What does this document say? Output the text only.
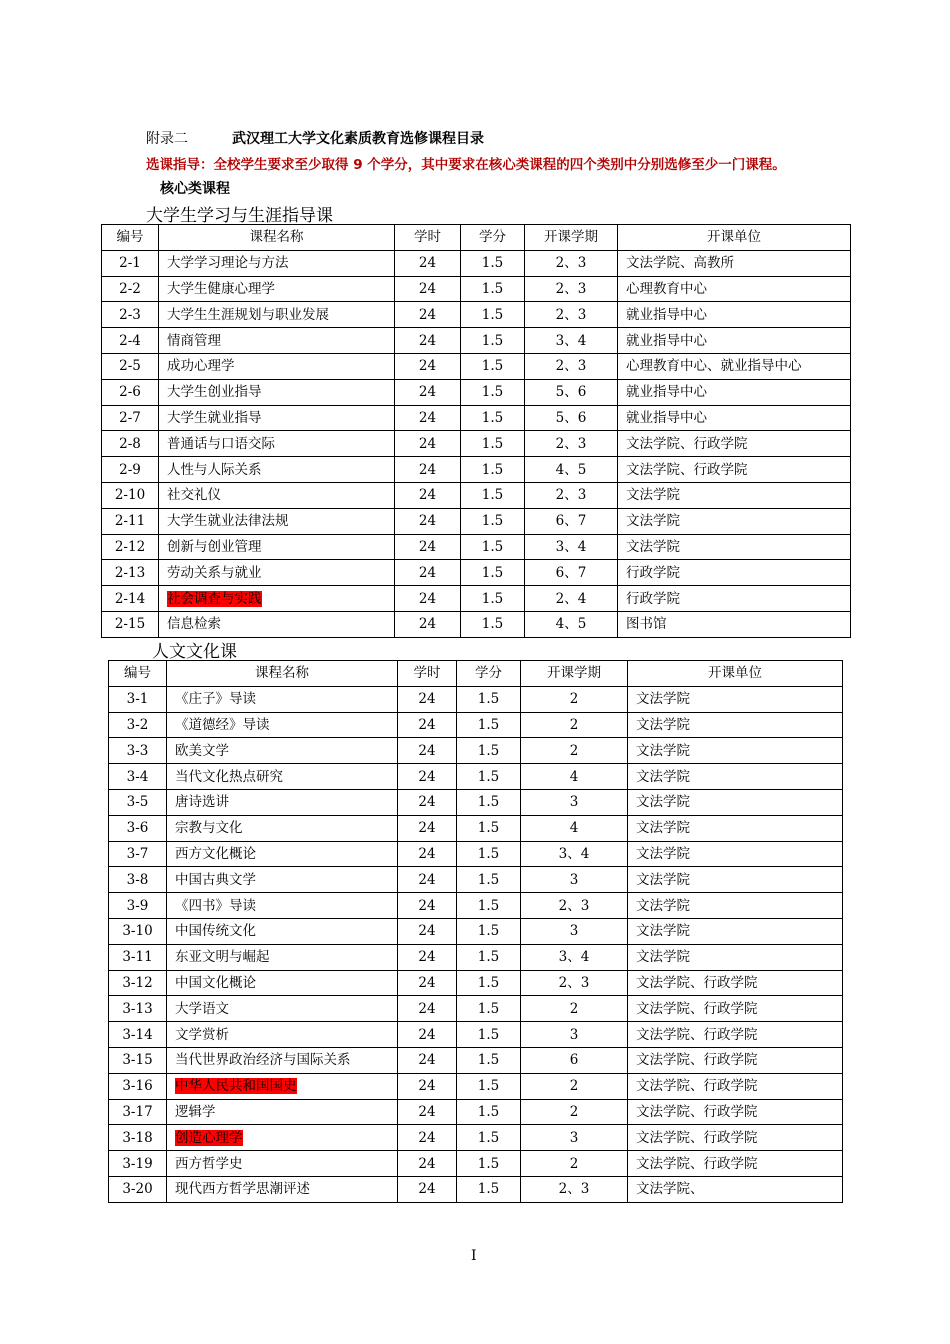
附录二	武汉理工大学文化素质教育选修课程目录
选课指导：全校学生要求至少取得 9 个学分，其中要求在核心类课程的四个类别中分别选修至少一门课程。
核心类课程
大学生学习与生涯指导课
编号	课程名称	学时	学分	开课学期	开课单位
2-1	大学学习理论与方法	24	1.5	2、3	文法学院、高教所
2-2	大学生健康心理学	24	1.5	2、3	心理教育中心
2-3	大学生生涯规划与职业发展	24	1.5	2、3	就业指导中心
2-4	情商管理	24	1.5	3、4	就业指导中心
2-5	成功心理学	24	1.5	2、3	心理教育中心、就业指导中心
2-6	大学生创业指导	24	1.5	5、6	就业指导中心
2-7	大学生就业指导	24	1.5	5、6	就业指导中心
2-8	普通话与口语交际	24	1.5	2、3	文法学院、行政学院
2-9	人性与人际关系	24	1.5	4、5	文法学院、行政学院
2-10	社交礼仪	24	1.5	2、3	文法学院
2-11	大学生就业法律法规	24	1.5	6、7	文法学院
2-12	创新与创业管理	24	1.5	3、4	文法学院
2-13	劳动关系与就业	24	1.5	6、7	行政学院
2-14	社会调查与实践	24	1.5	2、4	行政学院
2-15	信息检索	24	1.5	4、5	图书馆
人文文化课
编号	课程名称	学时	学分	开课学期	开课单位
3-1	《庄子》导读	24	1.5	2	文法学院
3-2	《道德经》导读	24	1.5	2	文法学院
3-3	欧美文学	24	1.5	2	文法学院
3-4	当代文化热点研究	24	1.5	4	文法学院
3-5	唐诗选讲	24	1.5	3	文法学院
3-6	宗教与文化	24	1.5	4	文法学院
3-7	西方文化概论	24	1.5	3、4	文法学院
3-8	中国古典文学	24	1.5	3	文法学院
3-9	《四书》导读	24	1.5	2、3	文法学院
3-10	中国传统文化	24	1.5	3	文法学院
3-11	东亚文明与崛起	24	1.5	3、4	文法学院
3-12	中国文化概论	24	1.5	2、3	文法学院、行政学院
3-13	大学语文	24	1.5	2	文法学院、行政学院
3-14	文学赏析	24	1.5	3	文法学院、行政学院
3-15	当代世界政治经济与国际关系	24	1.5	6	文法学院、行政学院
3-16	中华人民共和国国史	24	1.5	2	文法学院、行政学院
3-17	逻辑学	24	1.5	2	文法学院、行政学院
3-18	创造心理学	24	1.5	3	文法学院、行政学院
3-19	西方哲学史	24	1.5	2	文法学院、行政学院
3-20	现代西方哲学思潮评述	24	1.5	2、3	文法学院、
I
